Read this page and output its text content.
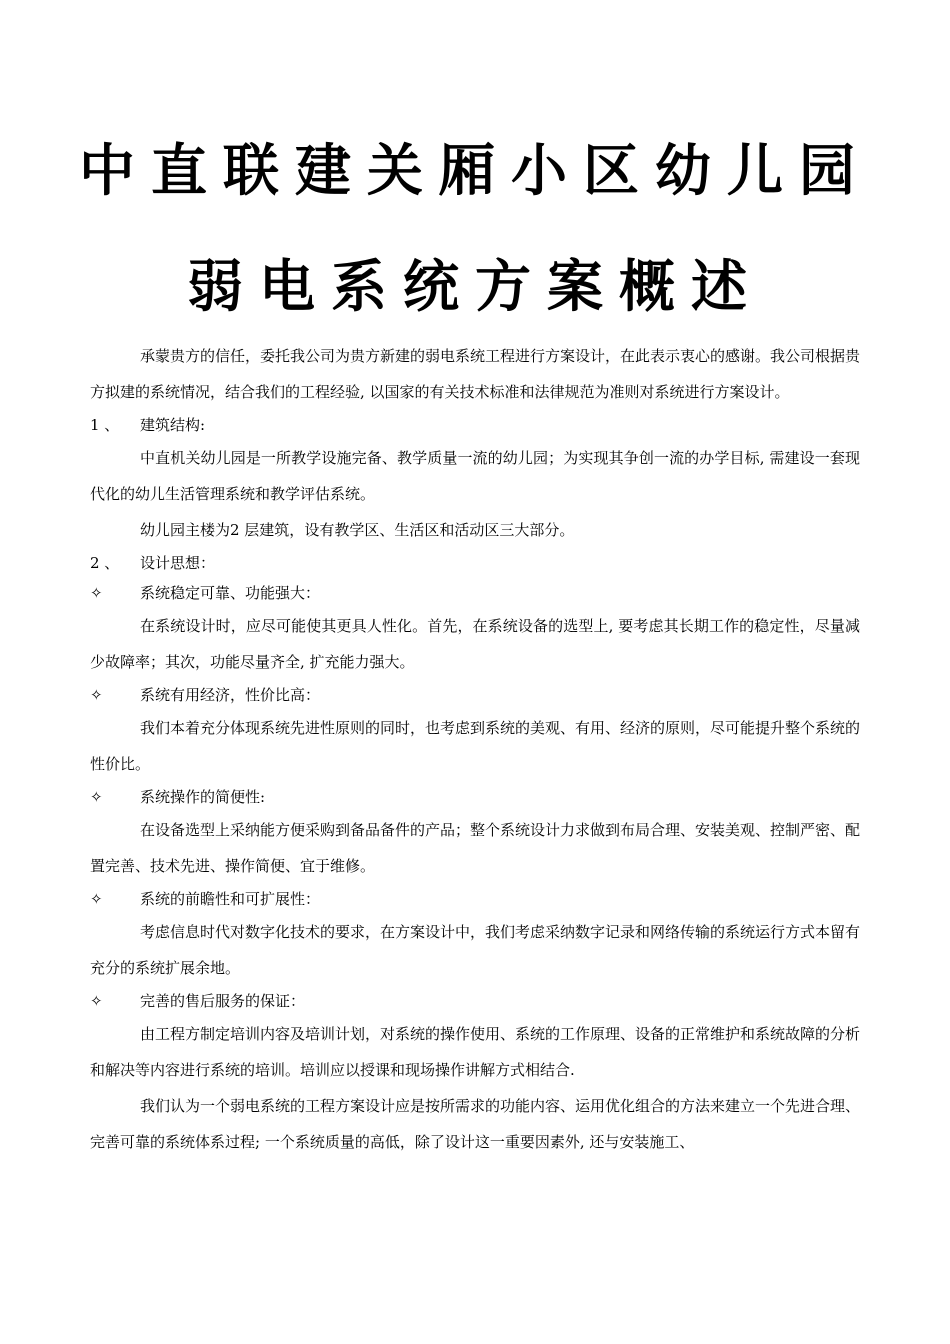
中直联建关厢小区幼儿园
弱电系统方案概述

承蒙贵方的信任，委托我公司为贵方新建的弱电系统工程进行方案设计，在此表示衷心的感谢。我公司根据贵方拟建的系统情况，结合我们的工程经验, 以国家的有关技术标准和法律规范为准则对系统进行方案设计。

1 、	建筑结构:

中直机关幼儿园是一所教学设施完备、教学质量一流的幼儿园；为实现其争创一流的办学目标, 需建设一套现代化的幼儿生活管理系统和教学评估系统。

幼儿园主楼为2 层建筑，设有教学区、生活区和活动区三大部分。

2 、	设计思想：
✧	系统稳定可靠、功能强大：

在系统设计时，应尽可能使其更具人性化。首先，在系统设备的选型上, 要考虑其长期工作的稳定性，尽量减少故障率；其次，功能尽量齐全, 扩充能力强大。

✧	系统有用经济，性价比高：

我们本着充分体现系统先进性原则的同时，也考虑到系统的美观、有用、经济的原则，尽可能提升整个系统的性价比。

✧	系统操作的简便性:

在设备选型上采纳能方便采购到备品备件的产品；整个系统设计力求做到布局合理、安装美观、控制严密、配置完善、技术先进、操作简便、宜于维修。

✧	系统的前瞻性和可扩展性：

考虑信息时代对数字化技术的要求，在方案设计中，我们考虑采纳数字记录和网络传输的系统运行方式本留有充分的系统扩展余地。

✧	完善的售后服务的保证：

由工程方制定培训内容及培训计划，对系统的操作使用、系统的工作原理、设备的正常维护和系统故障的分析和解决等内容进行系统的培训。培训应以授课和现场操作讲解方式相结合.

我们认为一个弱电系统的工程方案设计应是按所需求的功能内容、运用优化组合的方法来建立一个先进合理、完善可靠的系统体系过程; 一个系统质量的高低，除了设计这一重要因素外, 还与安装施工、
